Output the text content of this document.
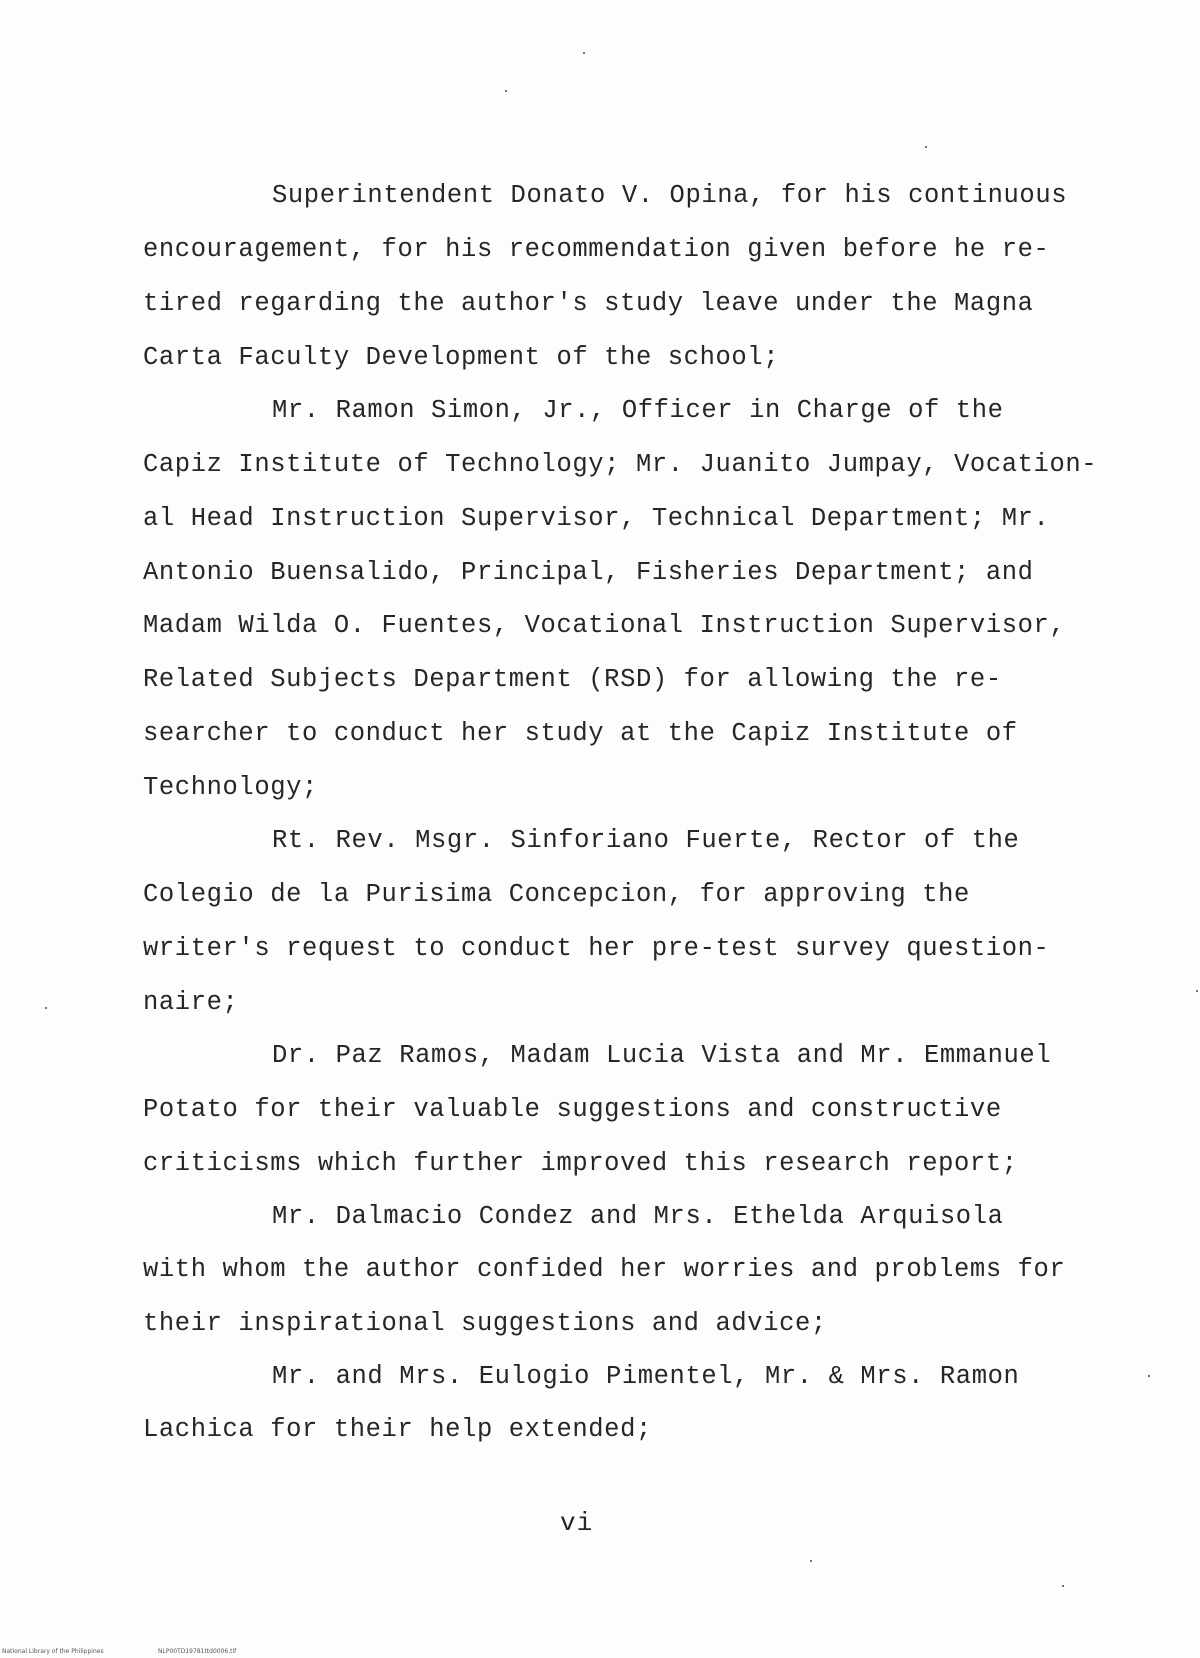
Superintendent Donato V. Opina, for his continuous
encouragement, for his recommendation given before he re-
tired regarding the author's study leave under the Magna
Carta Faculty Development of the school;
Mr. Ramon Simon, Jr., Officer in Charge of the
Capiz Institute of Technology; Mr. Juanito Jumpay, Vocation-
al Head Instruction Supervisor, Technical Department; Mr.
Antonio Buensalido, Principal, Fisheries Department; and
Madam Wilda O. Fuentes, Vocational Instruction Supervisor,
Related Subjects Department (RSD) for allowing the re-
searcher to conduct her study at the Capiz Institute of
Technology;
Rt. Rev. Msgr. Sinforiano Fuerte, Rector of the
Colegio de la Purisima Concepcion, for approving the
writer's request to conduct her pre-test survey question-
naire;
Dr. Paz Ramos, Madam Lucia Vista and Mr. Emmanuel
Potato for their valuable suggestions and constructive
criticisms which further improved this research report;
Mr. Dalmacio Condez and Mrs. Ethelda Arquisola
with whom the author confided her worries and problems for
their inspirational suggestions and advice;
Mr. and Mrs. Eulogio Pimentel, Mr. & Mrs. Ramon
Lachica for their help extended;
vi
National Library of the Philippines	NLP00TD19781ttd0006.tif
